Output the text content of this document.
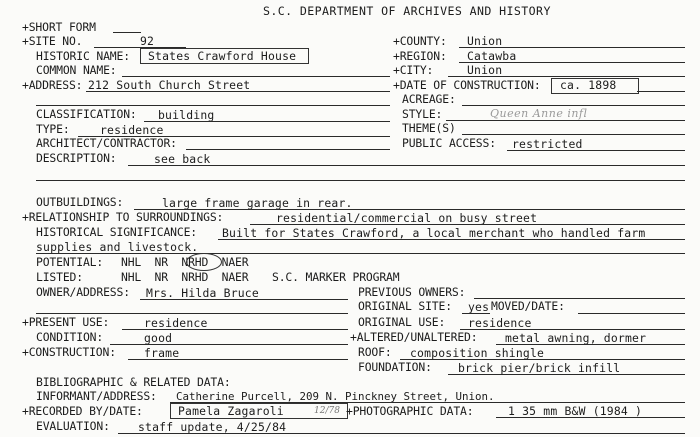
S.C. DEPARTMENT OF ARCHIVES AND HISTORY
+SHORT FORM
+SITE NO.	92
HISTORIC NAME: States Crawford House
COMMON NAME:
+ADDRESS: 212 South Church Street
+COUNTY: Union
+REGION: Catawba
+CITY:	Union
+DATE OF CONSTRUCTION: ca. 1898
ACREAGE:
STYLE:	Queen Anne infl
THEME(S)
PUBLIC ACCESS: restricted
CLASSIFICATION: building
TYPE:	residence
ARCHITECT/CONTRACTOR:
DESCRIPTION:	see back
OUTBUILDINGS:	large frame garage in rear.
+RELATIONSHIP TO SURROUNDINGS:	residential/commercial on busy street
HISTORICAL SIGNIFICANCE: Built for States Crawford, a local merchant who handled farm
supplies and livestock.
POTENTIAL: NHL  NR  NRHD  NAER
LISTED:	NHL  NR  NRHD  NAER S.C. MARKER PROGRAM
OWNER/ADDRESS: Mrs. Hilda Bruce	PREVIOUS OWNERS:
ORIGINAL SITE: yes MOVED/DATE:
+PRESENT USE:	residence	ORIGINAL USE: residence
CONDITION:	good	+ALTERED/UNALTERED: metal awning, dormer
+CONSTRUCTION: frame	ROOF: composition shingle
FOUNDATION: brick pier/brick infill
BIBLIOGRAPHIC & RELATED DATA:
INFORMANT/ADDRESS: Catherine Purcell, 209 N. Pinckney Street, Union.
+RECORDED BY/DATE:	Pamela Zagaroli	12/78 +PHOTOGRAPHIC DATA:	1 35 mm B&W (1984 )
EVALUATION: staff update, 4/25/84
